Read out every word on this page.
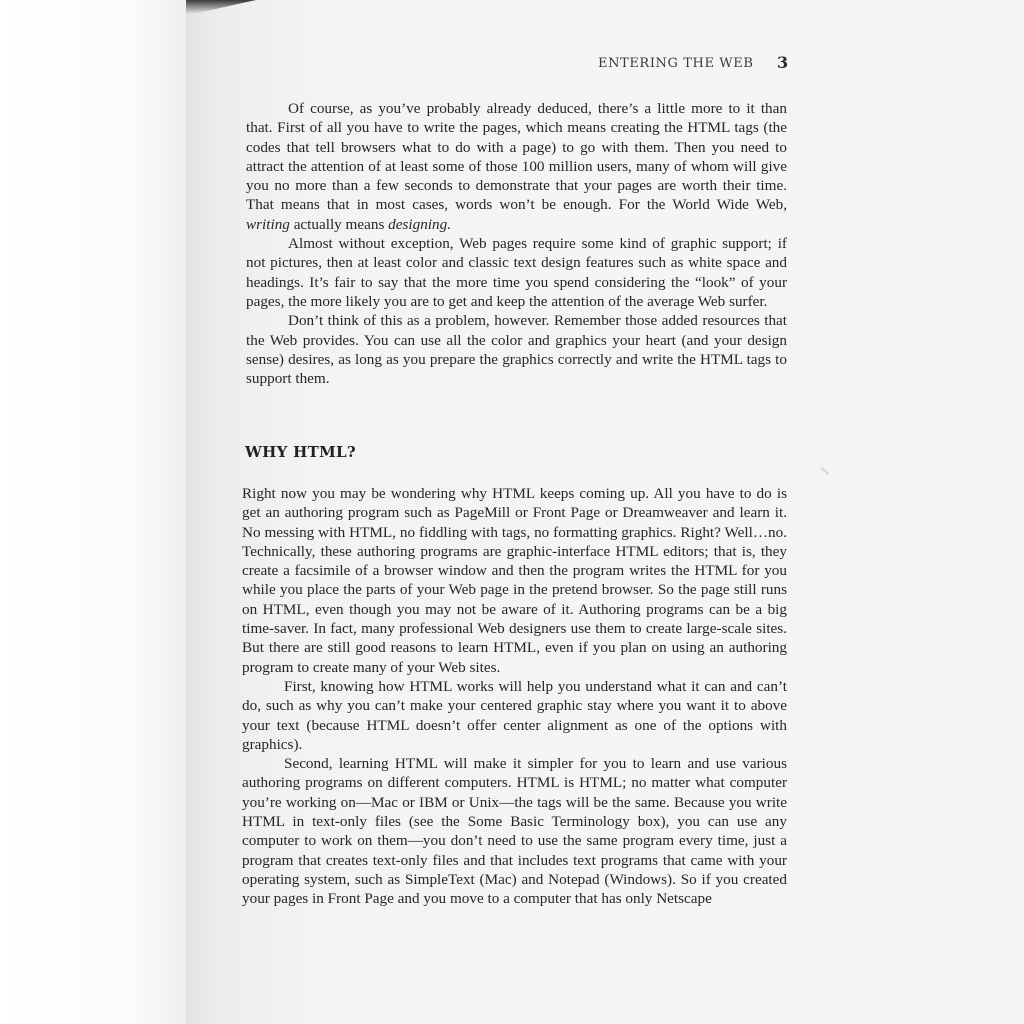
ENTERING THE WEB 3

Of course, as you’ve probably already deduced, there’s a little more to it than that. First of all you have to write the pages, which means creating the HTML tags (the codes that tell browsers what to do with a page) to go with them. Then you need to attract the attention of at least some of those 100 million users, many of whom will give you no more than a few seconds to demonstrate that your pages are worth their time. That means that in most cases, words won’t be enough. For the World Wide Web, writing actually means designing.

Almost without exception, Web pages require some kind of graphic support; if not pictures, then at least color and classic text design features such as white space and headings. It’s fair to say that the more time you spend considering the “look” of your pages, the more likely you are to get and keep the attention of the average Web surfer.

Don’t think of this as a problem, however. Remember those added resources that the Web provides. You can use all the color and graphics your heart (and your design sense) desires, as long as you prepare the graphics correctly and write the HTML tags to support them.

WHY HTML?

Right now you may be wondering why HTML keeps coming up. All you have to do is get an authoring program such as PageMill or Front Page or Dreamweaver and learn it. No messing with HTML, no fiddling with tags, no formatting graphics. Right? Well…no. Technically, these authoring programs are graphic-interface HTML editors; that is, they create a facsimile of a browser window and then the program writes the HTML for you while you place the parts of your Web page in the pretend browser. So the page still runs on HTML, even though you may not be aware of it. Authoring programs can be a big time-saver. In fact, many professional Web designers use them to create large-scale sites. But there are still good reasons to learn HTML, even if you plan on using an authoring program to create many of your Web sites.

First, knowing how HTML works will help you understand what it can and can’t do, such as why you can’t make your centered graphic stay where you want it to above your text (because HTML doesn’t offer center alignment as one of the options with graphics).

Second, learning HTML will make it simpler for you to learn and use various authoring programs on different computers. HTML is HTML; no matter what computer you’re working on—Mac or IBM or Unix—the tags will be the same. Because you write HTML in text-only files (see the Some Basic Terminology box), you can use any computer to work on them—you don’t need to use the same program every time, just a program that creates text-only files and that includes text programs that came with your operating system, such as SimpleText (Mac) and Notepad (Windows). So if you created your pages in Front Page and you move to a computer that has only Netscape
